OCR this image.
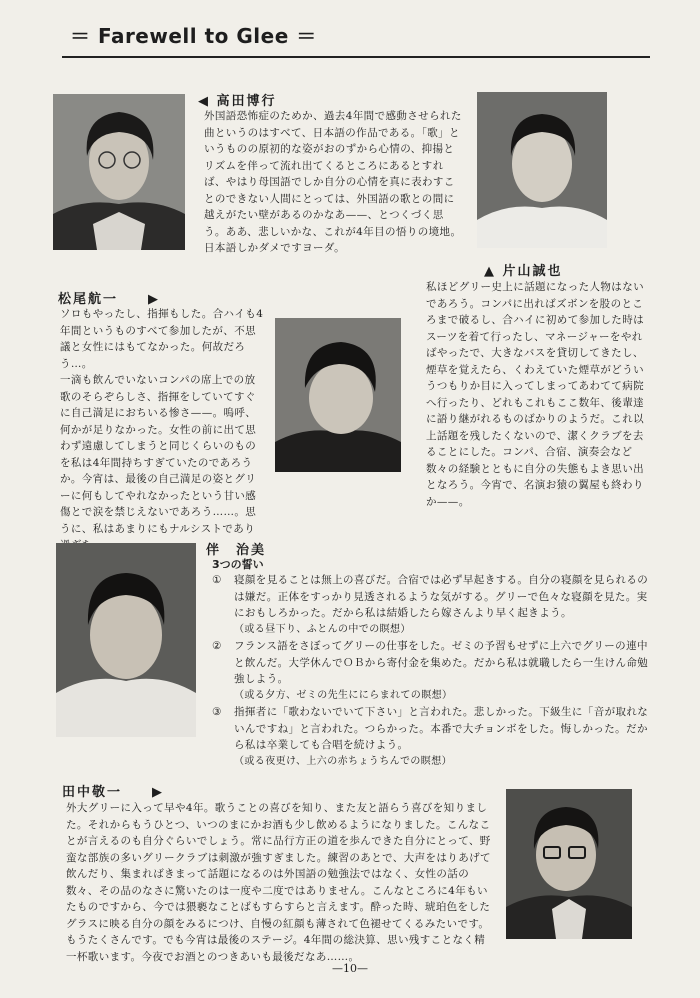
＝ Farewell to Glee ＝
◀ 高田博行

外国語恐怖症のためか、過去4年間で感動させられた曲というのはすべて、日本語の作品である。「歌」というものの原初的な姿がおのずから心情の、抑揚とリズムを伴って流れ出てくるところにあるとすれば、やはり母国語でしか自分の心情を真に表わすことのできない人間にとっては、外国語の歌との間に越えがたい壁があるのかなあ——、とつくづく思う。ああ、悲しいかな、これが4年目の悟りの境地。日本語しかダメですヨーダ。

▲ 片山誠也

私ほどグリー史上に話題になった人物はないであろう。コンパに出ればズボンを股のところまで破るし、合ハイに初めて参加した時はスーツを着て行ったし、マネージャーをやればやったで、大きなバスを貸切してきたし、煙草を覚えたら、くわえていた煙草がどういうつもりか目に入ってしまってあわてて病院へ行ったり、どれもこれもここ数年、後輩達に語り継がれるものばかりのようだ。これ以上話題を残したくないので、潔くクラブを去ることにした。コンパ、合宿、演奏会など数々の経験とともに自分の失態もよき思い出となろう。今宵で、名演お猿の翼屋も終わりか——。

松尾航一　　▶

ソロもやったし、指揮もした。合ハイも4年間というものすべて参加したが、不思議と女性にはもてなかった。何故だろう…。

一滴も飲んでいないコンパの席上での放歌のそらぞらしさ、指揮をしていてすぐに自己満足におちいる惨さ——。嗚呼、何かが足りなかった。女性の前に出て思わず遠慮してしまうと同じくらいのものを私は4年間持ちすぎていたのであろうか。今宵は、最後の自己満足の姿とグリーに何もしてやれなかったという甘い感傷とで涙を禁じえないであろう……。思うに、私はあまりにもナルシストであり

伴　治美
3つの誓い
①	寝顔を見ることは無上の喜びだ。合宿では必ず早起きする。自分の寝顔を見られるのは嫌だ。正体をすっかり見透されるような気がする。グリーで色々な寝顔を見た。実におもしろかった。だから私は結婚したら嫁さんより早く起きよう。
（或る昼下り、ふとんの中での瞑想）
②	フランス語をさぼってグリーの仕事をした。ゼミの予習もせずに上六でグリーの連中と飲んだ。大学休んでＯＢから寄付金を集めた。だから私は就職したら一生けん命勉強しよう。
（或る夕方、ゼミの先生ににらまれての瞑想）
③	指揮者に「歌わないでいて下さい」と言われた。悲しかった。下級生に「音が取れないんですね」と言われた。つらかった。本番で大チョンボをした。悔しかった。だから私は卒業しても合唱を続けよう。
（或る夜更け、上六の赤ちょうちんでの瞑想）
田中敬一　　▶

外大グリーに入って早や4年。歌うことの喜びを知り、また友と語らう喜びを知りました。それからもうひとつ、いつのまにかお酒も少し飲めるようになりました。こんなことが言えるのも自分ぐらいでしょう。常に品行方正の道を歩んできた自分にとって、野蛮な部族の多いグリークラブは刺激が強すぎました。練習のあとで、大声をはりあげて飲んだり、集まればきまって話題になるのは外国語の勉強法ではなく、女性の話の数々、その品のなさに驚いたのは一度や二度ではありません。こんなところに4年もいたものですから、今では猥褻なことばもすらすらと言えます。酔った時、琥珀色をしたグラスに映る自分の顔をみるにつけ、自慢の紅顔も薄されて色褪せてくるみたいです。もうたくさんです。でも今宵は最後のステージ。4年間の総決算、思い残すことなく精一杯歌います。今夜でお酒とのつきあいも最後だなあ……。

—10—
